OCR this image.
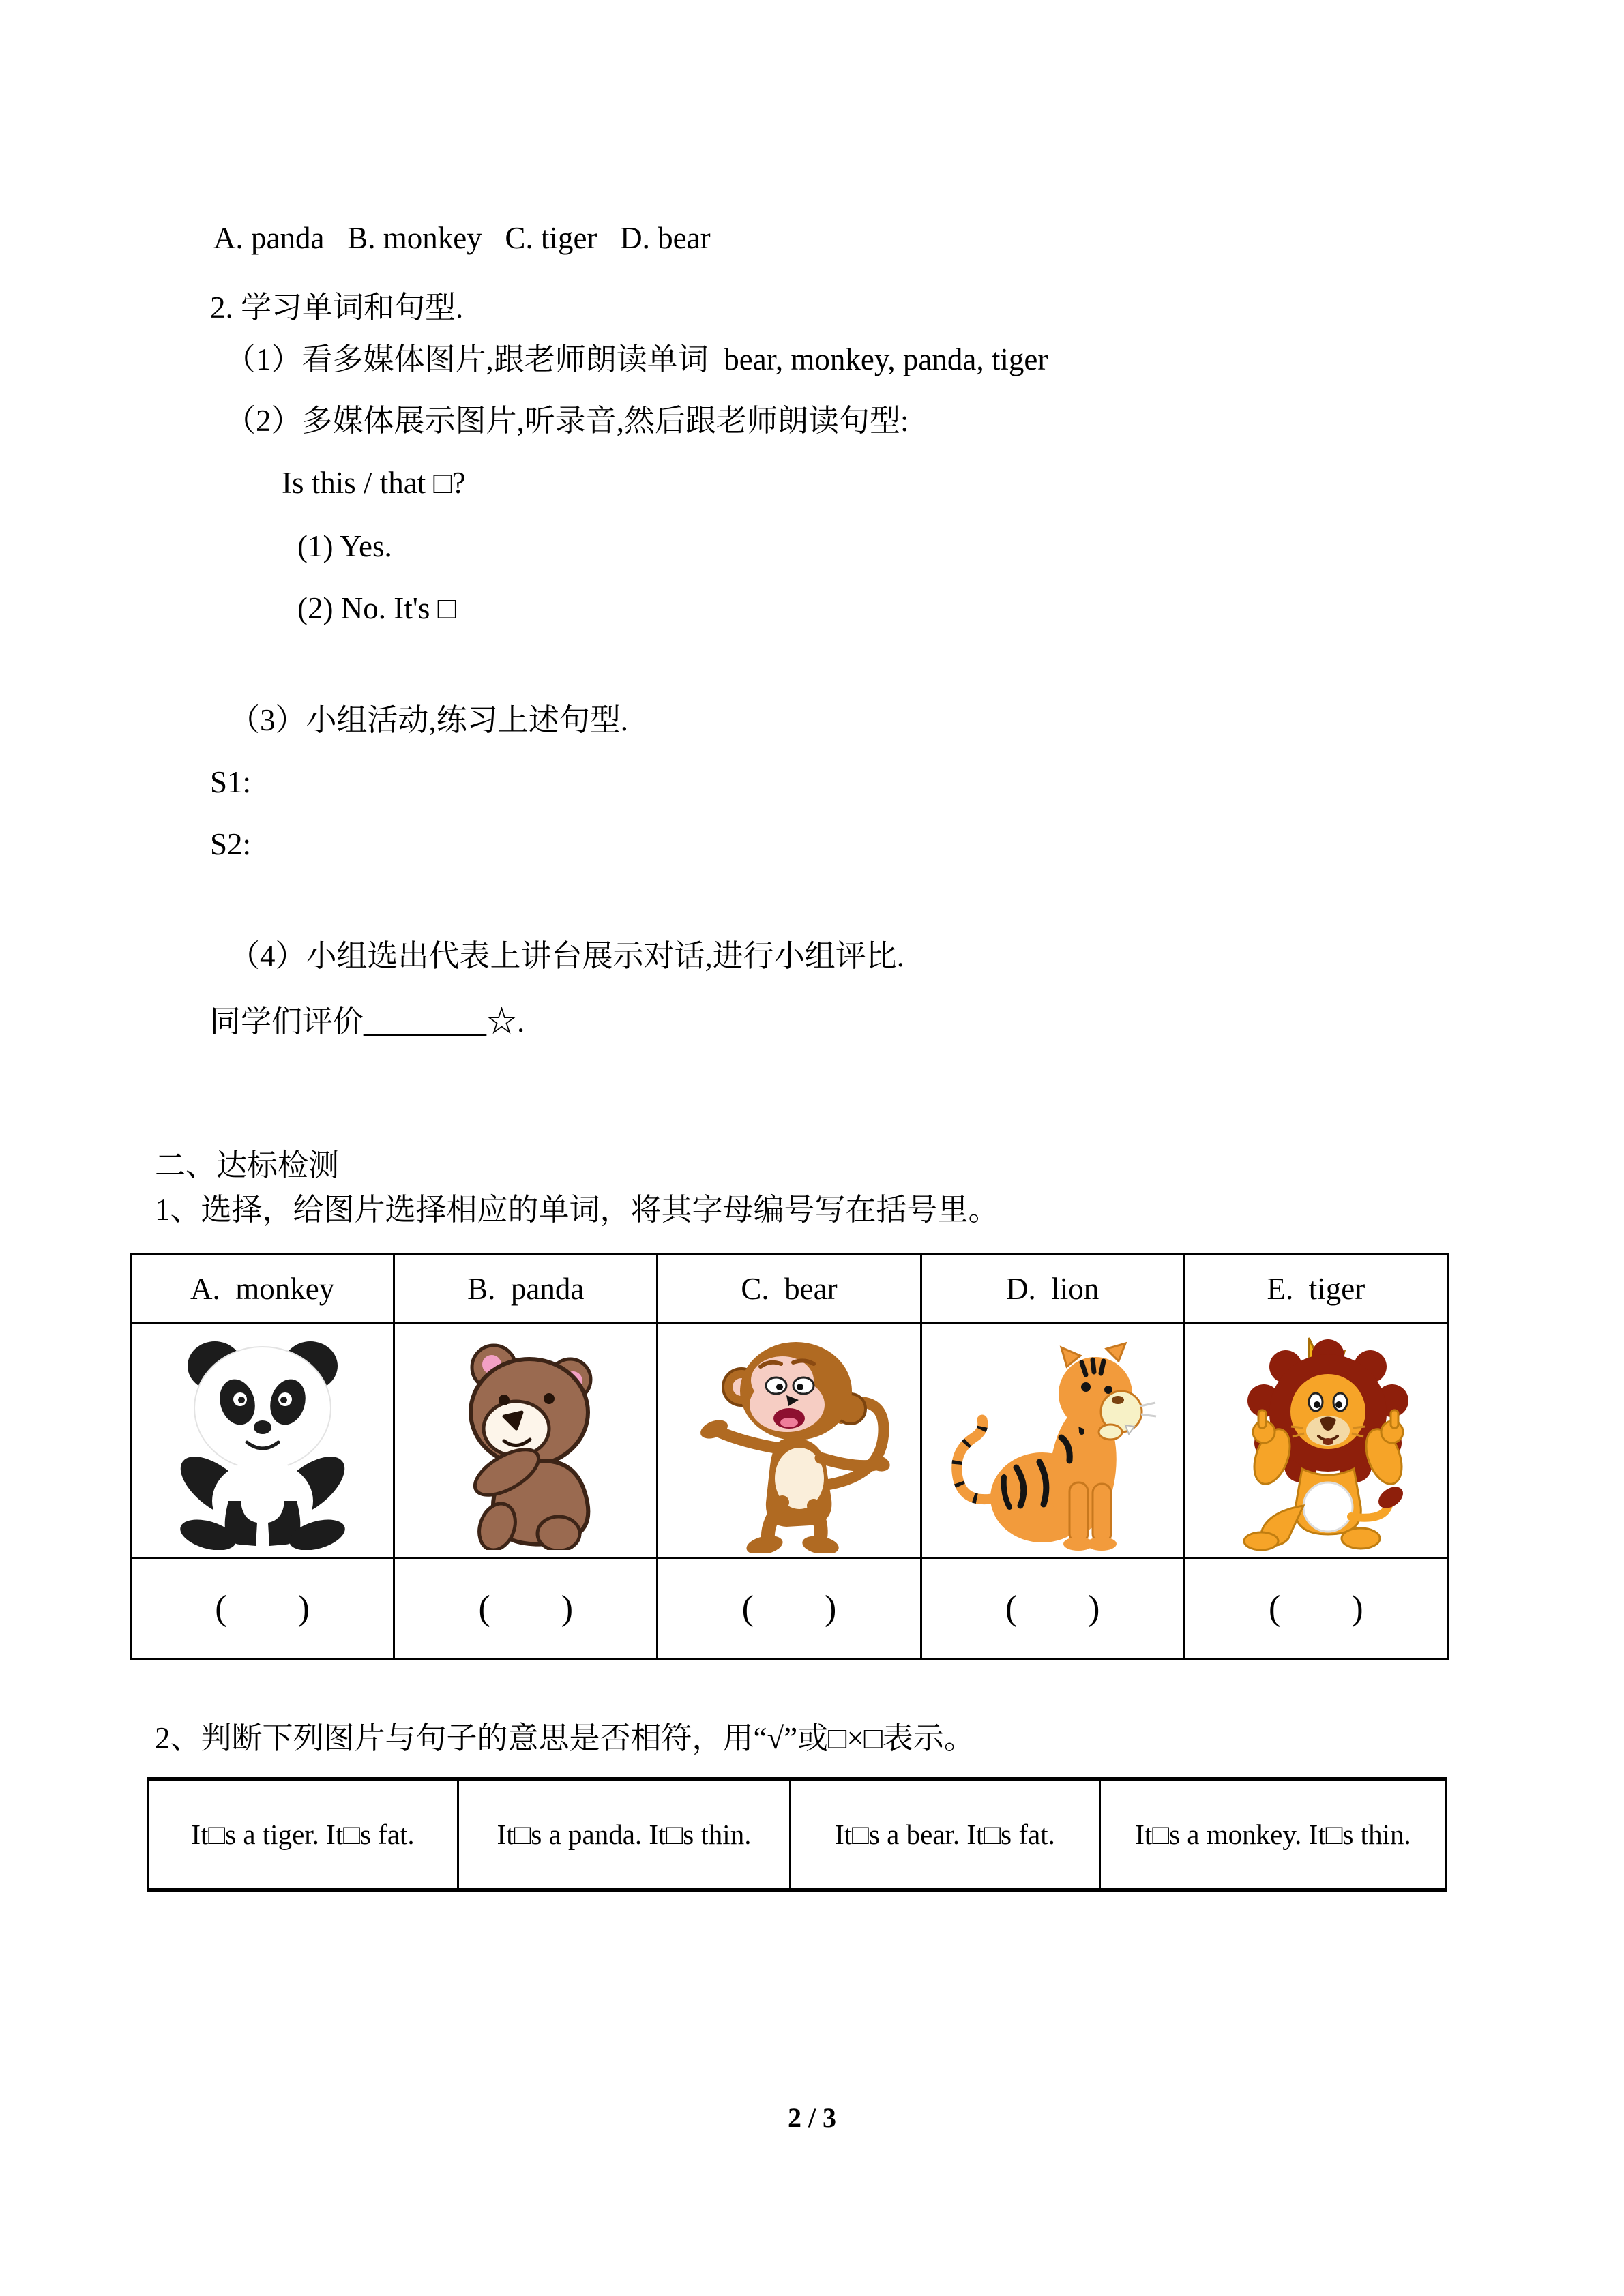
A. panda   B. monkey   C. tiger   D. bear
2. 学习单词和句型.
（1）看多媒体图片,跟老师朗读单词  bear, monkey, panda, tiger
（2）多媒体展示图片,听录音,然后跟老师朗读句型:
Is this / that □?
(1) Yes.
(2) No. It's □
（3）小组活动,练习上述句型.
S1:
S2:
（4）小组选出代表上讲台展示对话,进行小组评比.
同学们评价________☆.
二、达标检测
1、选择，给图片选择相应的单词，将其字母编号写在括号里。
2、判断下列图片与句子的意思是否相符，用“√”或□×□表示。
A.  monkey	B.  panda	C.  bear	D.  lion	E.  tiger

(        )	(        )	(        )	(        )	(        )
It□s a tiger. It□s fat.	It□s a panda. It□s thin.	It□s a bear. It□s fat.	It□s a monkey. It□s thin.
2 / 3
